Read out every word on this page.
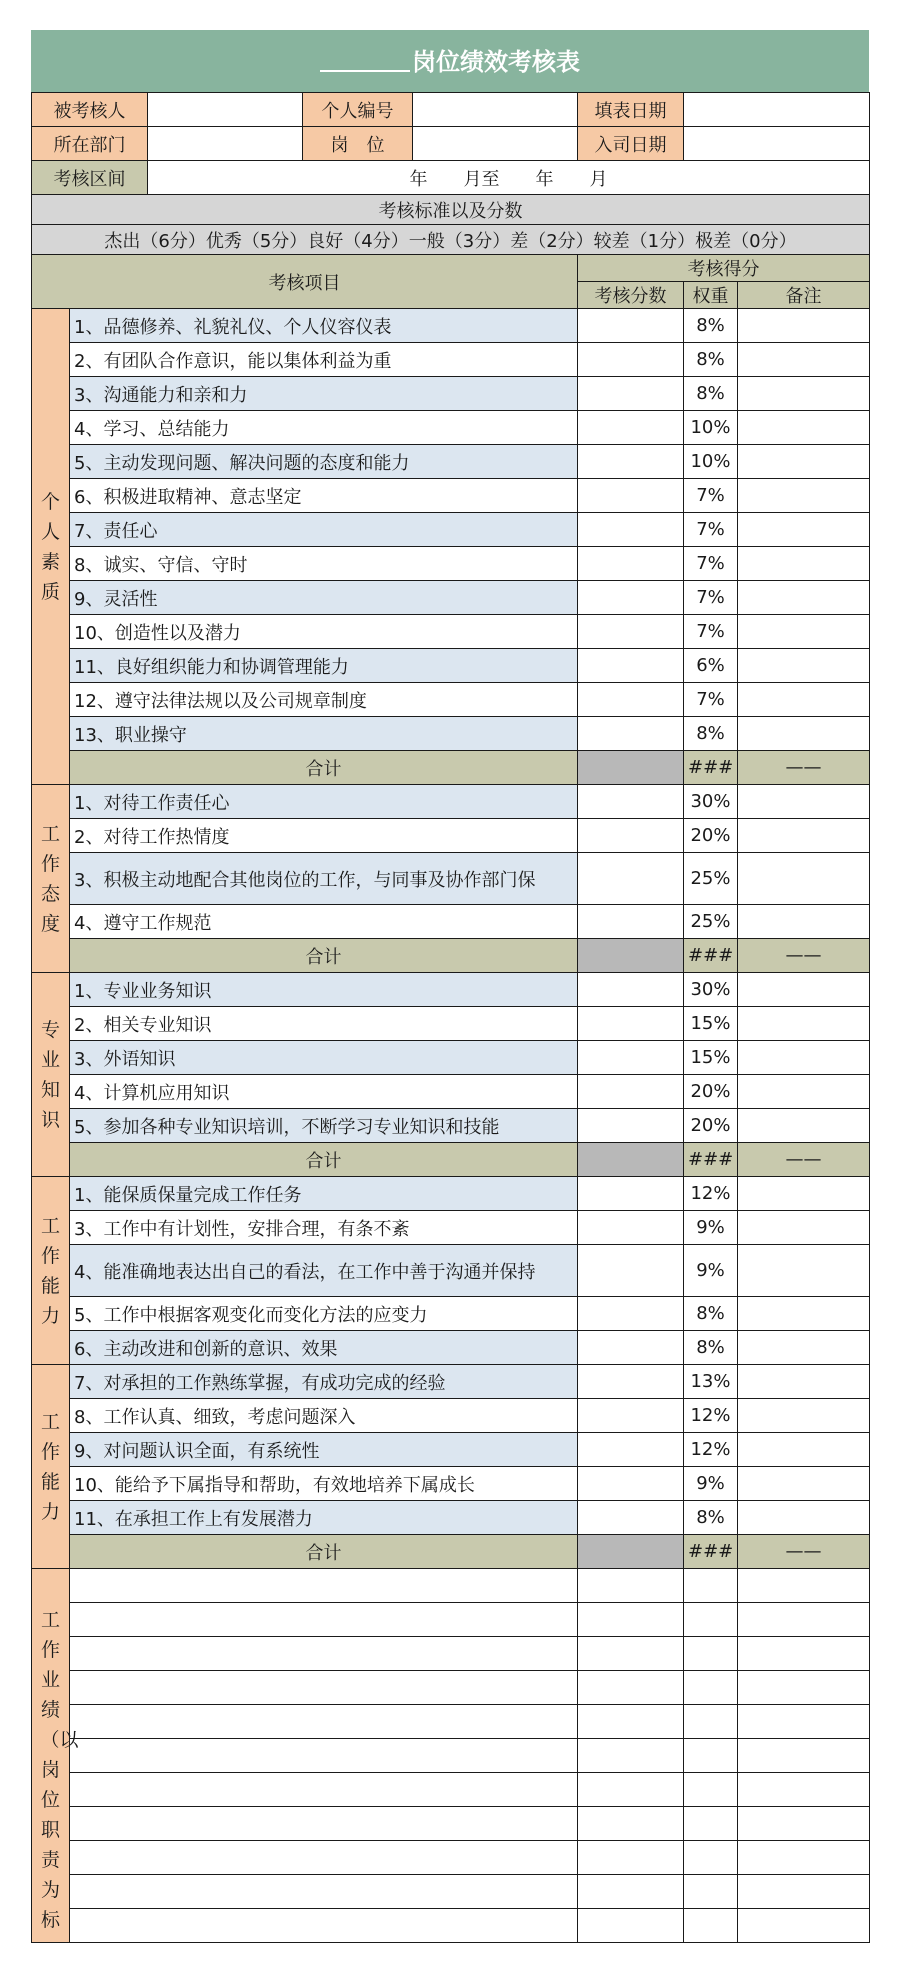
岗位绩效考核表
被考核人			个人编号		填表日期		
所在部门			岗　位		入司日期		
考核区间		年　　月至　　年　　月					
考核标准以及分数							
杰出（6分）优秀（5分）良好（4分）一般（3分）差（2分）较差（1分）极差（0分）							
考核项目					考核得分		
					考核分数	权重	备注

个人素质	1、品德修养、礼貌礼仪、个人仪容仪表					8%	
	2、有团队合作意识，能以集体利益为重					8%	
	3、沟通能力和亲和力					8%	
	4、学习、总结能力					10%	
	5、主动发现问题、解决问题的态度和能力					10%	
	6、积极进取精神、意志坚定					7%	
	7、责任心					7%	
	8、诚实、守信、守时					7%	
	9、灵活性					7%	
	10、创造性以及潜力					7%	
	11、良好组织能力和协调管理能力					6%	
	12、遵守法律法规以及公司规章制度					7%	
	13、职业操守					8%	
	合计					###	——

工作态度	1、对待工作责任心					30%	
	2、对待工作热情度					20%	
	3、积极主动地配合其他岗位的工作，与同事及协作部门保					25%	
	4、遵守工作规范					25%	
	合计					###	——

专业知识	1、专业业务知识					30%	
	2、相关专业知识					15%	
	3、外语知识					15%	
	4、计算机应用知识					20%	
	5、参加各种专业知识培训，不断学习专业知识和技能					20%	
	合计					###	——

工作能力	1、能保质保量完成工作任务					12%	
	3、工作中有计划性，安排合理，有条不紊					9%	
	4、能准确地表达出自己的看法，在工作中善于沟通并保持					9%	
	5、工作中根据客观变化而变化方法的应变力					8%	
	6、主动改进和创新的意识、效果					8%	

工作能力	7、对承担的工作熟练掌握，有成功完成的经验					13%	
	8、工作认真、细致，考虑问题深入					12%	
	9、对问题认识全面，有系统性					12%	
	10、能给予下属指导和帮助，有效地培养下属成长					9%	
	11、在承担工作上有发展潜力					8%	
	合计					###	——

工作业绩（以岗位职责为标							
